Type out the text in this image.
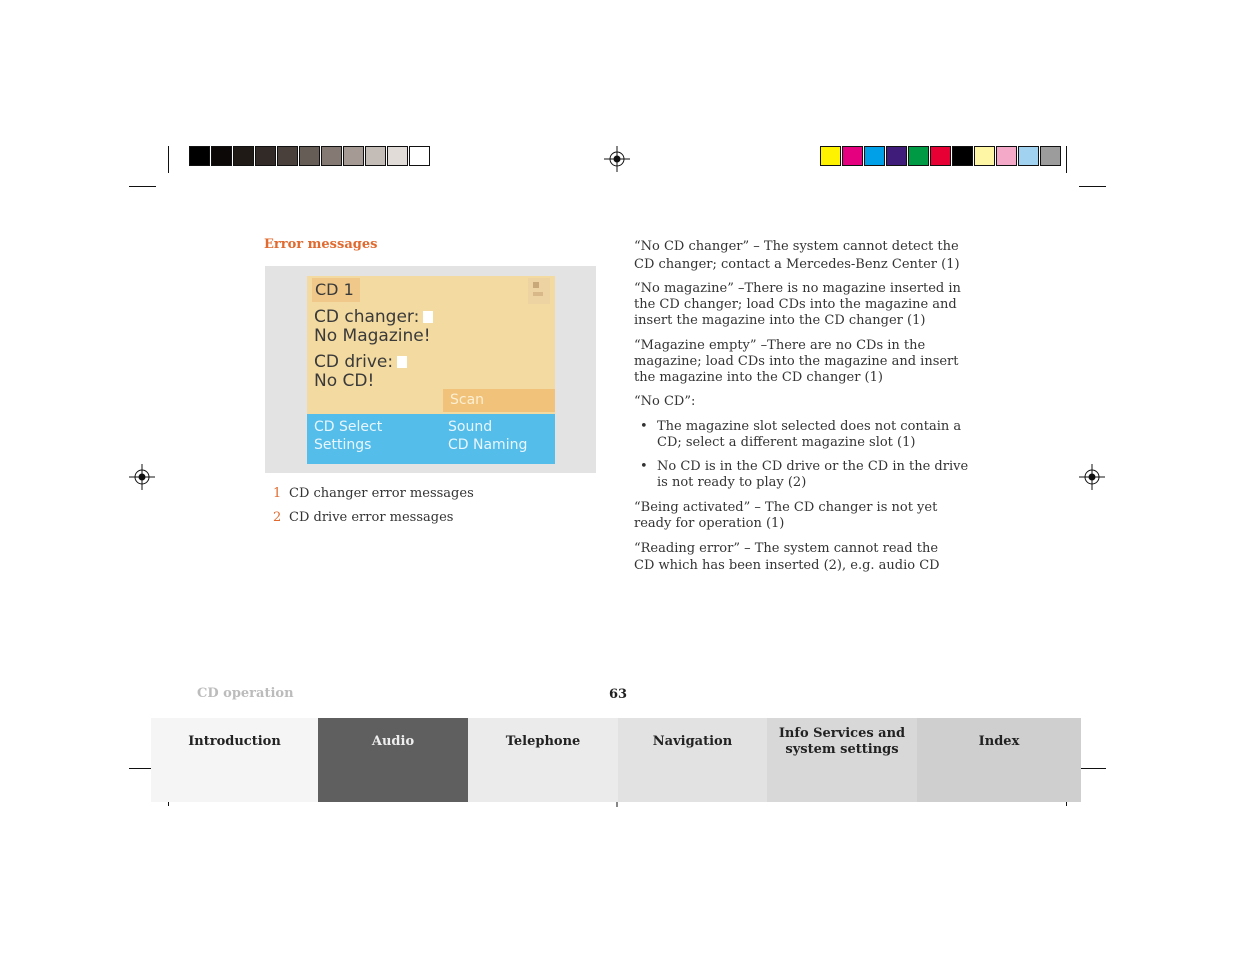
Error messages
CD 1
CD changer:
No Magazine!
CD drive:
No CD!
Scan
CD Select	Sound
Settings	CD Naming
1 CD changer error messages
2 CD drive error messages
“No CD changer” – The system cannot detect the CD changer; contact a Mercedes-Benz Center (1)
“No magazine” –There is no magazine inserted in the CD changer; load CDs into the magazine and insert the magazine into the CD changer (1)
“Magazine empty” –There are no CDs in the magazine; load CDs into the magazine and insert the magazine into the CD changer (1)
“No CD”:
• The magazine slot selected does not contain a CD; select a different magazine slot (1)
• No CD is in the CD drive or the CD in the drive is not ready to play (2)
“Being activated” – The CD changer is not yet ready for operation (1)
“Reading error” – The system cannot read the CD which has been inserted (2), e.g. audio CD
CD operation	63
Introduction	Audio	Telephone	Navigation
Info Services and system settings
Index
